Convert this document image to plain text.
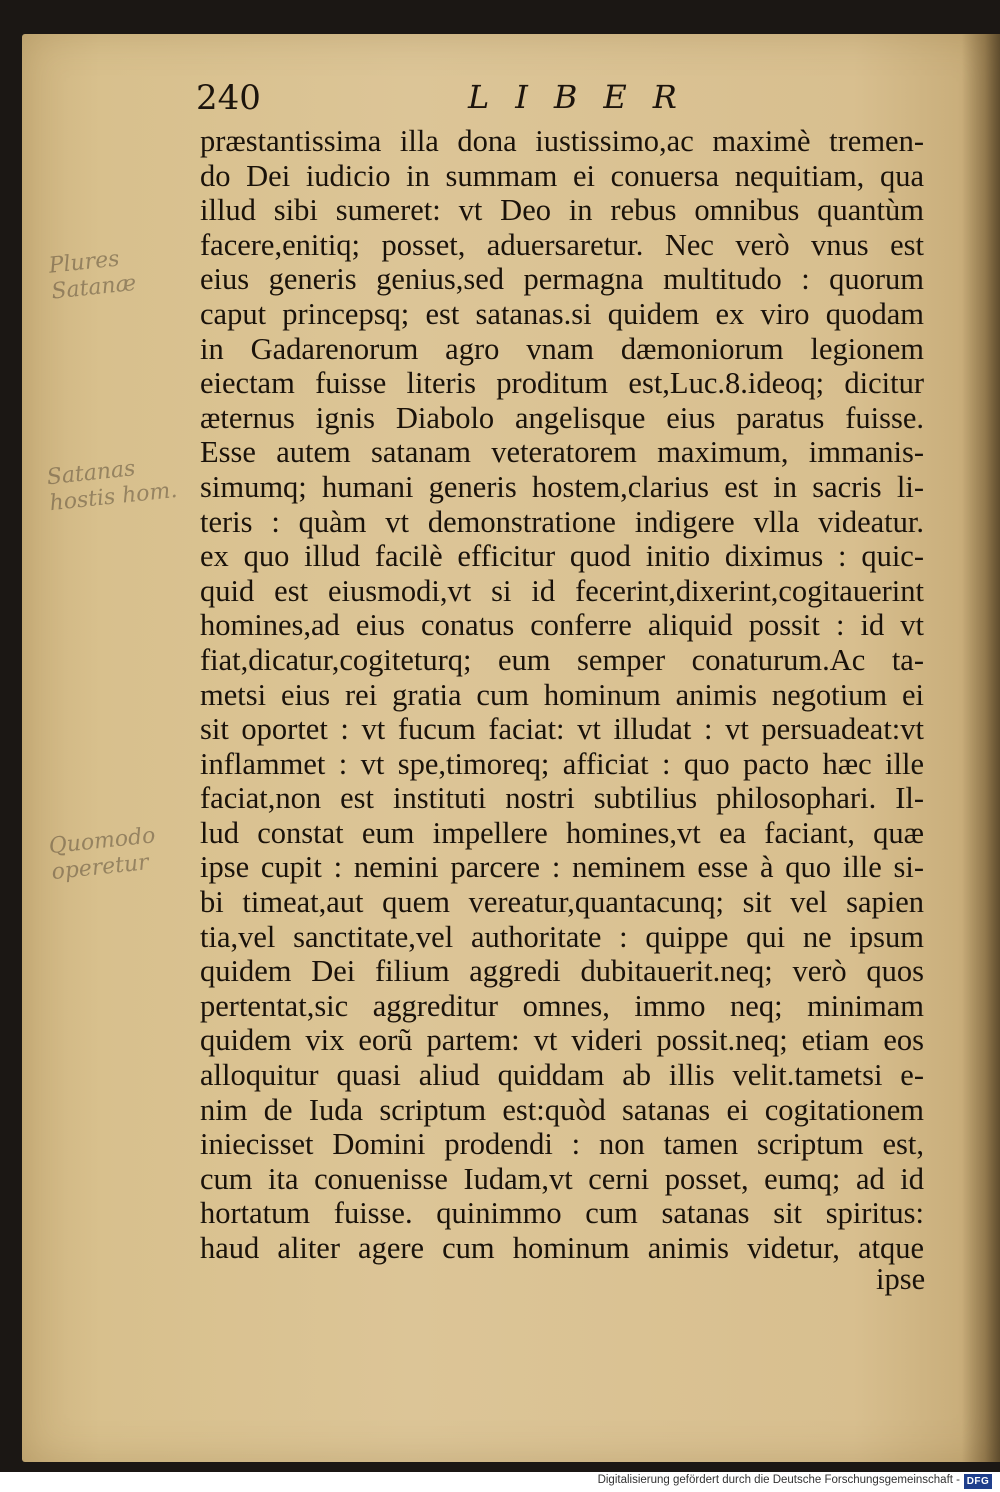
240	LIBER
Plures Satanæ
Satanas hostis hom.
Quomodo operetur
præstantissima illa dona iustissimo,ac maximè tremen-
do Dei iudicio in summam ei conuersa nequitiam, qua
illud sibi sumeret: vt Deo in rebus omnibus quantùm
facere,enitiq; posset, aduersaretur. Nec verò vnus est
eius generis genius,sed permagna multitudo : quorum
caput princepsq; est satanas.si quidem ex viro quodam
in Gadarenorum agro vnam dæmoniorum legionem
eiectam fuisse literis proditum est,Luc.8.ideoq; dicitur
æternus ignis Diabolo angelisque eius paratus fuisse.
Esse autem satanam veteratorem maximum, immanis-
simumq; humani generis hostem,clarius est in sacris li-
teris : quàm vt demonstratione indigere vlla videatur.
ex quo illud facilè efficitur quod initio diximus : quic-
quid est eiusmodi,vt si id fecerint,dixerint,cogitauerint
homines,ad eius conatus conferre aliquid possit : id vt
fiat,dicatur,cogiteturq; eum semper conaturum.Ac ta-
metsi eius rei gratia cum hominum animis negotium ei
sit oportet : vt fucum faciat: vt illudat : vt persuadeat:vt
inflammet : vt spe,timoreq; afficiat : quo pacto hæc ille
faciat,non est instituti nostri subtilius philosophari. Il-
lud constat eum impellere homines,vt ea faciant, quæ
ipse cupit : nemini parcere : neminem esse à quo ille si-
bi timeat,aut quem vereatur,quantacunq; sit vel sapien
tia,vel sanctitate,vel authoritate : quippe qui ne ipsum
quidem Dei filium aggredi dubitauerit.neq; verò quos
pertentat,sic aggreditur omnes, immo neq; minimam
quidem vix eorũ partem: vt videri possit.neq; etiam eos
alloquitur quasi aliud quiddam ab illis velit.tametsi e-
nim de Iuda scriptum est:quòd satanas ei cogitationem
iniecisset Domini prodendi : non tamen scriptum est,
cum ita conuenisse Iudam,vt cerni posset, eumq; ad id
hortatum fuisse. quinimmo cum satanas sit spiritus:
haud aliter agere cum hominum animis videtur, atque
ipse
Digitalisierung gefördert durch die Deutsche Forschungsgemeinschaft - DFG
